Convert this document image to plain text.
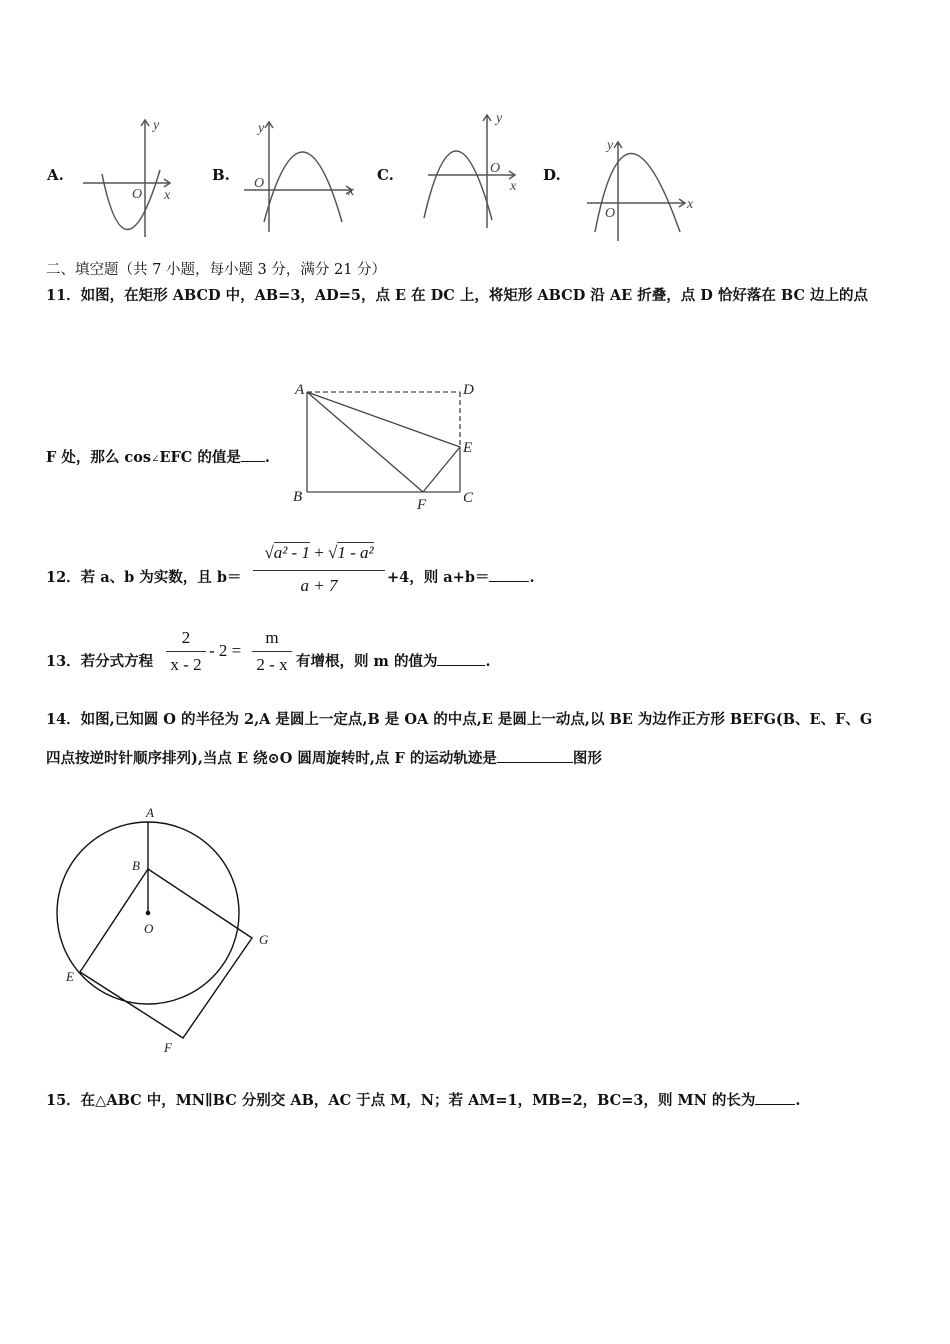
A.
y
x
O
B.
y
x
O	C.
y
x
O	D.
y
x
O
二、填空题（共 7 小题，每小题 3 分，满分 21 分）
11．如图，在矩形 ABCD 中，AB=3，AD=5，点 E 在 DC 上，将矩形 ABCD 沿 AE 折叠，点 D 恰好落在 BC 边上的点
F 处，那么 cos∠EFC 的值是 .
A	D
E
B	C
F
12．若 a、b 为实数，且 b＝
√a² - 1 + √1 - a²
a + 7	+4，则 a+b＝	.
13．若分式方程
2
x - 2
- 2 =
m
2 - x 有增根，则 m 的值为	.
14．如图,已知圆 O 的半径为 2,A 是圆上一定点,B 是 OA 的中点,E 是圆上一动点,以 BE 为边作正方形 BEFG(B、E、F、G
四点按逆时针顺序排列),当点 E 绕⊙O 圆周旋转时,点 F 的运动轨迹是	图形
A
B
O
E
F
G
15．在△ABC 中，MN∥BC 分别交 AB，AC 于点 M，N；若 AM=1，MB=2，BC=3，则 MN 的长为	.
